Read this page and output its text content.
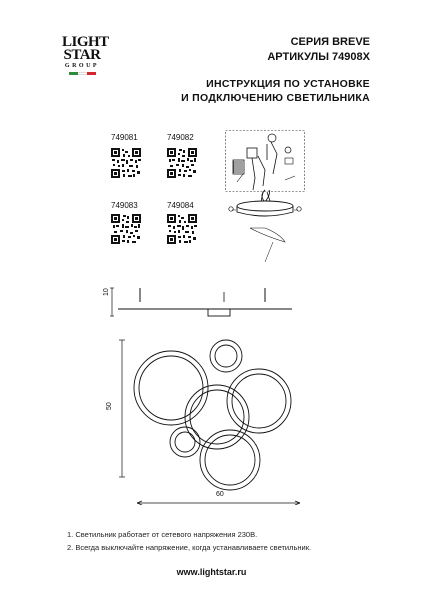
LIGHT
STAR
GROUP
СЕРИЯ BREVE
АРТИКУЛЫ 74908X
ИНСТРУКЦИЯ ПО УСТАНОВКЕ
И ПОДКЛЮЧЕНИЮ СВЕТИЛЬНИКА
749081	749082
749083	749084
10
50
60
1. Светильник работает от сетевого напряжения 230В.
2. Всегда выключайте напряжение, когда устанавливаете светильник.
www.lightstar.ru
